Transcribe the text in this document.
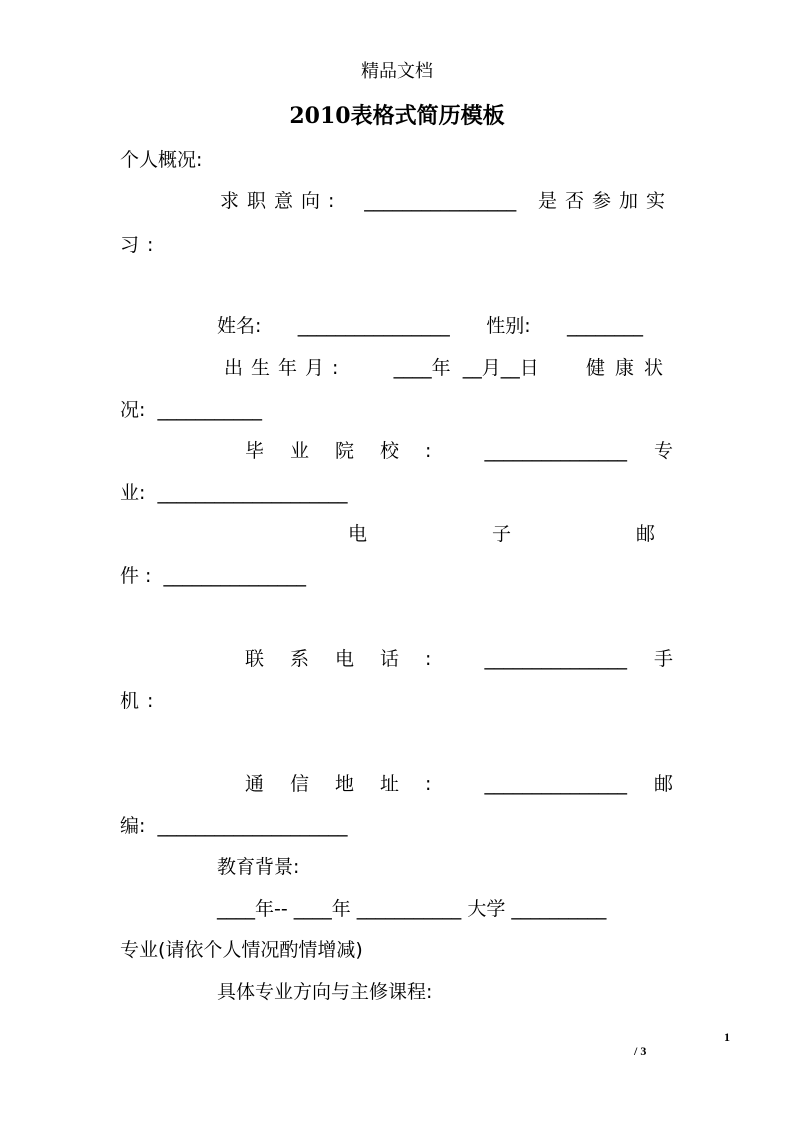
精品文档
2010表格式简历模板
个人概况:
求职意向: ________________ 是否参加实
习:
姓名: ________________ 性别: ________
出生年月: ____年  __月__日 健康状
况:  ___________
毕业院校: _______________ 专
业:  ____________________
电子邮
件 :  _______________
联系电话: _______________ 手
机:
通信地址: _______________ 邮
编:  ____________________
教育背景:
____年-- ____年 ___________ 大学 __________
专业(请依个人情况酌情增减)
具体专业方向与主修课程:
1
/ 3
